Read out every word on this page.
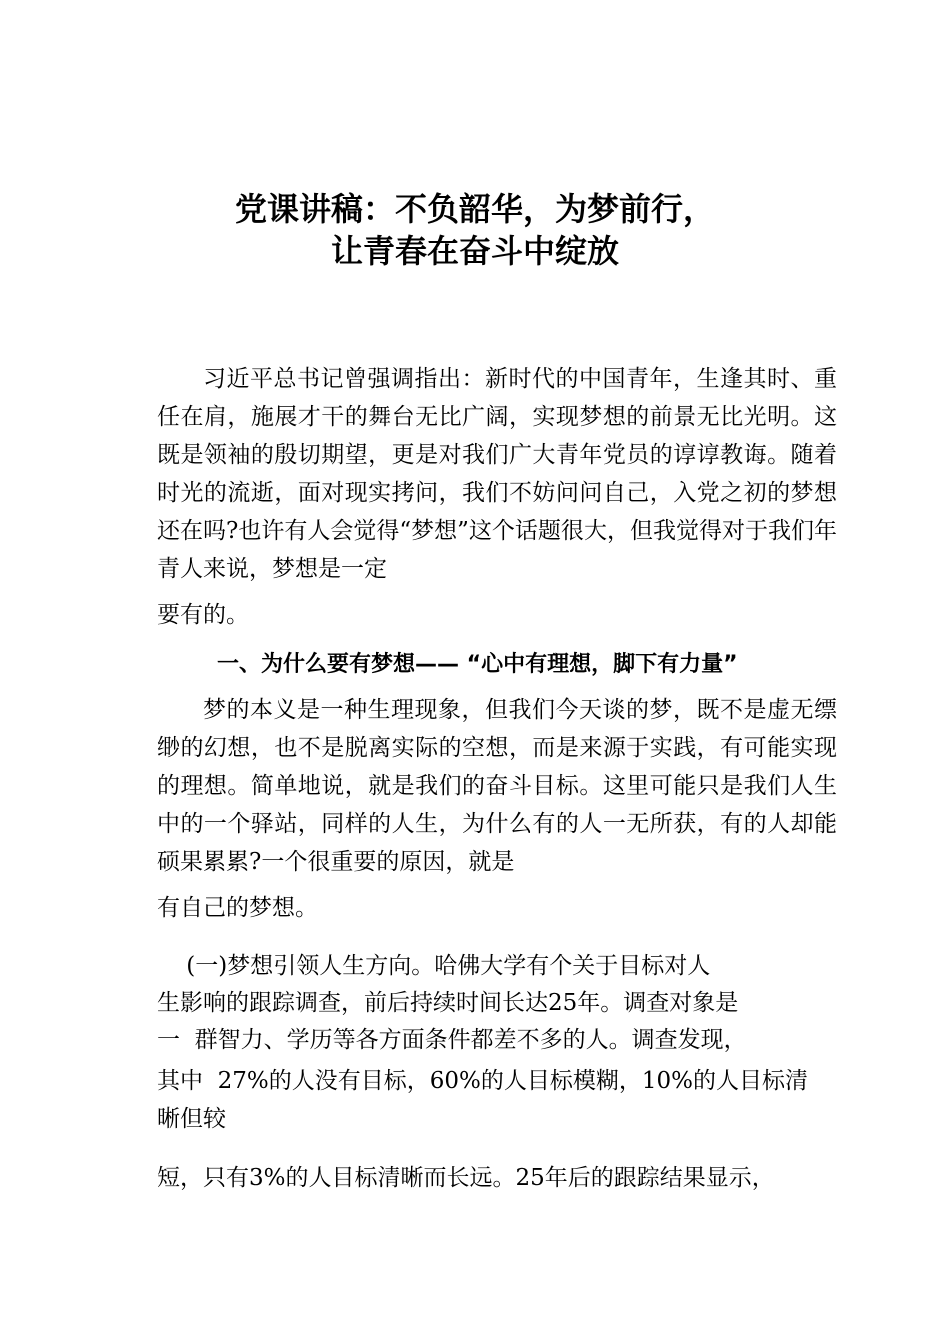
党课讲稿：不负韶华，为梦前行，
让青春在奋斗中绽放

习近平总书记曾强调指出：新时代的中国青年，生逢其时、重任在肩，施展才干的舞台无比广阔，实现梦想的前景无比光明。这既是领袖的殷切期望，更是对我们广大青年党员的谆谆教诲。随着时光的流逝，面对现实拷问，我们不妨问问自己，入党之初的梦想还在吗?也许有人会觉得“梦想”这个话题很大，但我觉得对于我们年青人来说，梦想是一定
要有的。

一、为什么要有梦想—— “心中有理想，脚下有力量”

梦的本义是一种生理现象，但我们今天谈的梦，既不是虚无缥缈的幻想，也不是脱离实际的空想，而是来源于实践，有可能实现的理想。简单地说，就是我们的奋斗目标。这里可能只是我们人生中的一个驿站，同样的人生，为什么有的人一无所获，有的人却能硕果累累?一个很重要的原因，就是
有自己的梦想。

(一)梦想引领人生方向。哈佛大学有个关于目标对人

生影响的跟踪调查，前后持续时间长达25年。调查对象是

一  群智力、学历等各方面条件都差不多的人。调查发现，

其中  27%的人没有目标，60%的人目标模糊，10%的人目标清

晰但较

短，只有3%的人目标清晰而长远。25年后的跟踪结果显示，
